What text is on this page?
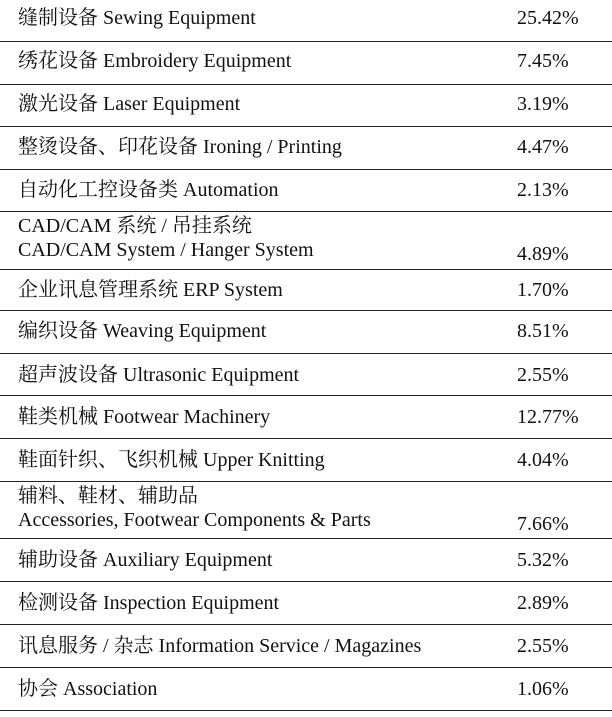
缝制设备 Sewing Equipment	25.42%
绣花设备 Embroidery Equipment	7.45%
激光设备 Laser Equipment	3.19%
整烫设备、印花设备 Ironing / Printing	4.47%
自动化工控设备类 Automation	2.13%
CAD/CAM 系统 / 吊挂系统
CAD/CAM System / Hanger System	4.89%
企业讯息管理系统 ERP System	1.70%
编织设备 Weaving Equipment	8.51%
超声波设备 Ultrasonic Equipment	2.55%
鞋类机械 Footwear Machinery	12.77%
鞋面针织、飞织机械 Upper Knitting	4.04%
辅料、鞋材、辅助品
Accessories, Footwear Components & Parts	7.66%
辅助设备 Auxiliary Equipment	5.32%
检测设备 Inspection Equipment	2.89%
讯息服务 / 杂志 Information Service / Magazines	2.55%
协会 Association	1.06%
